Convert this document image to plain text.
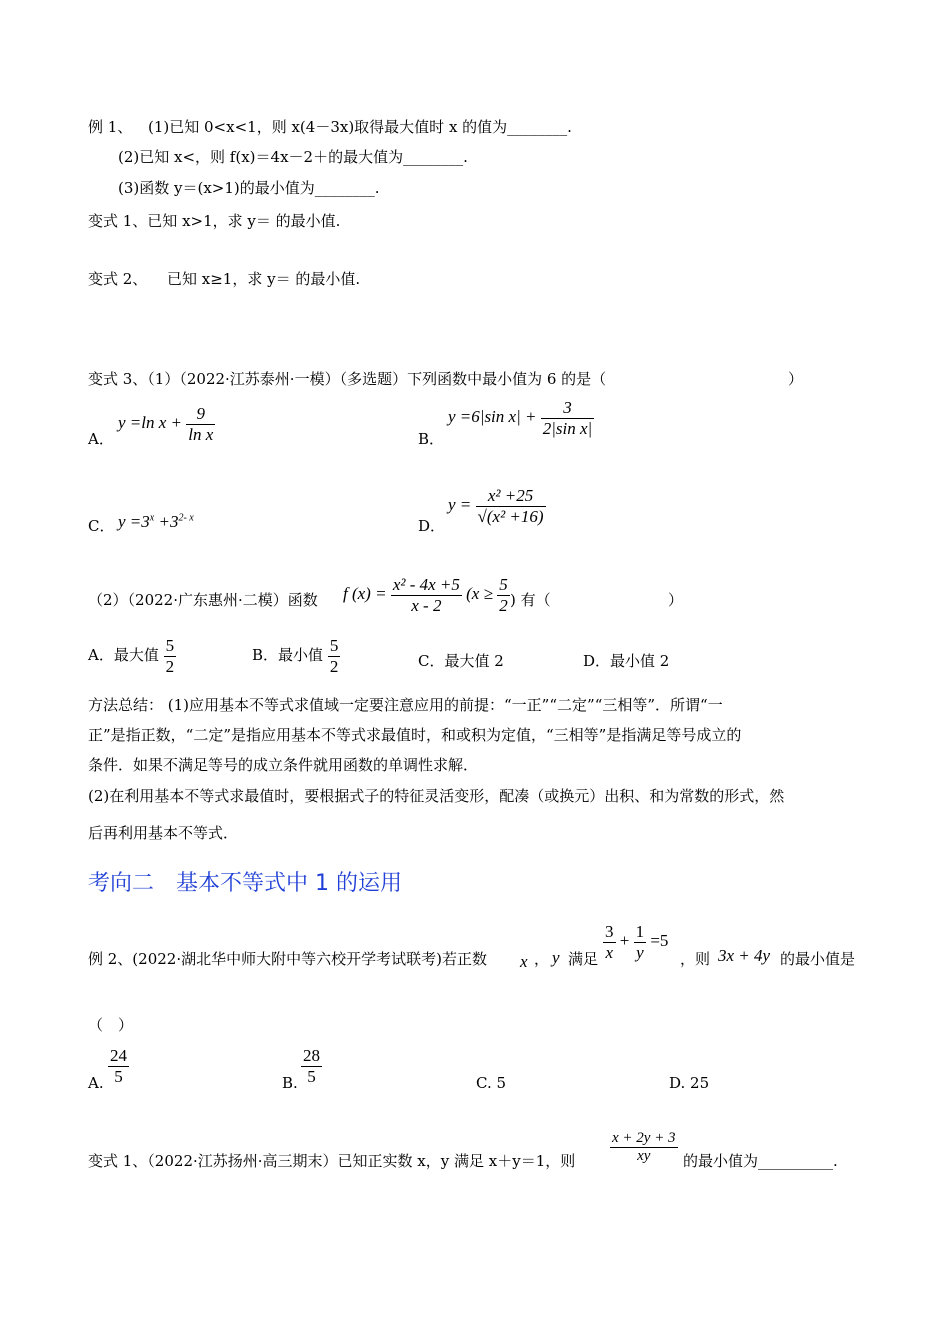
例 1、 (1)已知 0<x<1，则 x(4－3x)取得最大值时 x 的值为________.
(2)已知 x<，则 f(x)＝4x－2＋的最大值为________.
(3)函数 y＝(x>1)的最小值为________.
变式 1、已知 x>1，求 y＝ 的最小值.
变式 2、 已知 x≥1，求 y＝ 的最小值.
变式 3、（1）（2022·江苏泰州·一模）（多选题）下列函数中最小值为 6 的是（	）
A．
y =ln $x + \frac{9}{\text{ln x}}$	B．
y =6|sin $x| + \frac{3}{\text{2|sin x|}}$
C． $y =3^x +3^{2- x}$	D．
$y = \frac{\text{x² +25}}{\text{√(x² +16)}}$
（2）（2022·广东惠州·二模）函数 f $(x) = \frac{\text{x² - 4x +5}}{x - 2} (x \ge \frac{5}{2}$ ) 有（	）
A．最大值 $\frac{5}{2}$	B．最小值 $\frac{5}{2}$	C．最大值 2	D．最小值 2
方法总结： (1)应用基本不等式求值域一定要注意应用的前提：“一正”“二定”“三相等”．所谓“一
正”是指正数，“二定”是指应用基本不等式求最值时，和或积为定值，“三相等”是指满足等号成立的
条件．如果不满足等号的成立条件就用函数的单调性求解．
(2)在利用基本不等式求最值时，要根据式子的特征灵活变形，配凑（或换元）出积、和为常数的形式，然
后再利用基本不等式．
考向二　基本不等式中 1 的运用
例 2、(2022·湖北华中师大附中等六校开学考试联考)若正数 x ， y 满足 $\frac{3}{x} + \frac{1}{y} =5$
，则 3x + 4y 的最小值是
（　）
A. $\frac{24}{5}$	B. $\frac{28}{5}$	C. 5	D. 25
变式 1、（2022·江苏扬州·高三期末）已知正实数 x，y 满足 x＋y＝1，则 $\frac{x + 2y + 3}{xy}$ 的最小值为__________.
